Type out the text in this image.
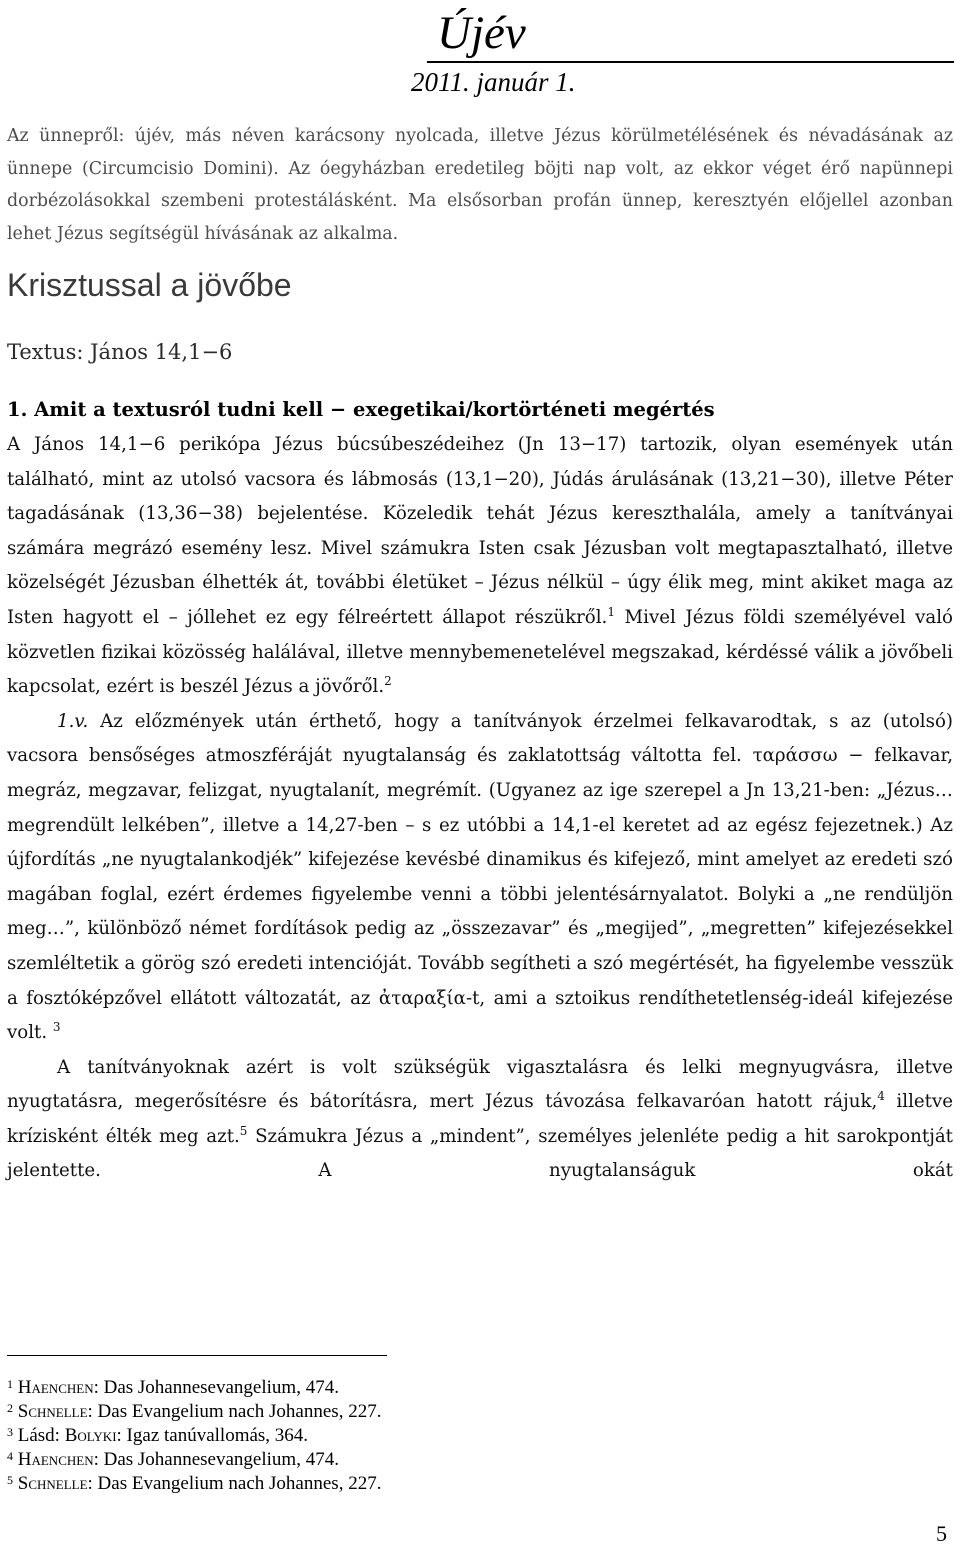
Újév
2011. január 1.

Az ünnepről: újév, más néven karácsony nyolcada, illetve Jézus körülmetélésének és névadásának az ünnepe (Circumcisio Domini). Az óegyházban eredetileg böjti nap volt, az ekkor véget érő napünnepi dorbézolásokkal szembeni protestálásként. Ma elsősorban profán ünnep, keresztyén előjellel azonban lehet Jézus segítségül hívásának az alkalma.

Krisztussal a jövőbe

Textus: János 14,1−6

1. Amit a textusról tudni kell − exegetikai/kortörténeti megértés

A János 14,1−6 perikópa Jézus búcsúbeszédeihez (Jn 13−17) tartozik, olyan események után található, mint az utolsó vacsora és lábmosás (13,1−20), Júdás árulásának (13,21−30), illetve Péter tagadásának (13,36−38) bejelentése. Közeledik tehát Jézus kereszthalála, amely a tanítványai számára megrázó esemény lesz. Mivel számukra Isten csak Jézusban volt megtapasztalható, illetve közelségét Jézusban élhették át, további életüket – Jézus nélkül – úgy élik meg, mint akiket maga az Isten hagyott el – jóllehet ez egy félreértett állapot részükről.$^1$ Mivel Jézus földi személyével való közvetlen fizikai közösség halálával, illetve mennybemenetelével megszakad, kérdéssé válik a jövőbeli kapcsolat, ezért is beszél Jézus a jövőről.$^2$

1.v. Az előzmények után érthető, hogy a tanítványok érzelmei felkavarodtak, s az (utolsó) vacsora bensőséges atmoszféráját nyugtalanság és zaklatottság váltotta fel. ταράσσω − felkavar, megráz, megzavar, felizgat, nyugtalanít, megrémít. (Ugyanez az ige szerepel a Jn 13,21-ben: „Jézus… megrendült lelkében”, illetve a 14,27-ben – s ez utóbbi a 14,1-el keretet ad az egész fejezetnek.) Az újfordítás „ne nyugtalankodjék” kifejezése kevésbé dinamikus és kifejező, mint amelyet az eredeti szó magában foglal, ezért érdemes figyelembe venni a többi jelentésárnyalatot. Bolyki a „ne rendüljön meg…”, különböző német fordítások pedig az „összezavar” és „megijed”, „megretten” kifejezésekkel szemléltetik a görög szó eredeti intencióját. Tovább segítheti a szó megértését, ha figyelembe vesszük a fosztóképzővel ellátott változatát, az ἀταραξία-t, ami a sztoikus rendíthetetlenség-ideál kifejezése volt. $^3$

A tanítványoknak azért is volt szükségük vigasztalásra és lelki megnyugvásra, illetve nyugtatásra, megerősítésre és bátorításra, mert Jézus távozása felkavaróan hatott rájuk,$^4$ illetve krízisként élték meg azt.$^5$ Számukra Jézus a „mindent”, személyes jelenléte pedig a hit sarokpontját jelentette. A nyugtalanságuk okát

$^1$ Haenchen: Das Johannesevangelium, 474.
$^2$ Schnelle: Das Evangelium nach Johannes, 227.
$^3$ Lásd: Bolyki: Igaz tanúvallomás, 364.
$^4$ Haenchen: Das Johannesevangelium, 474.
$^5$ Schnelle: Das Evangelium nach Johannes, 227.
5
